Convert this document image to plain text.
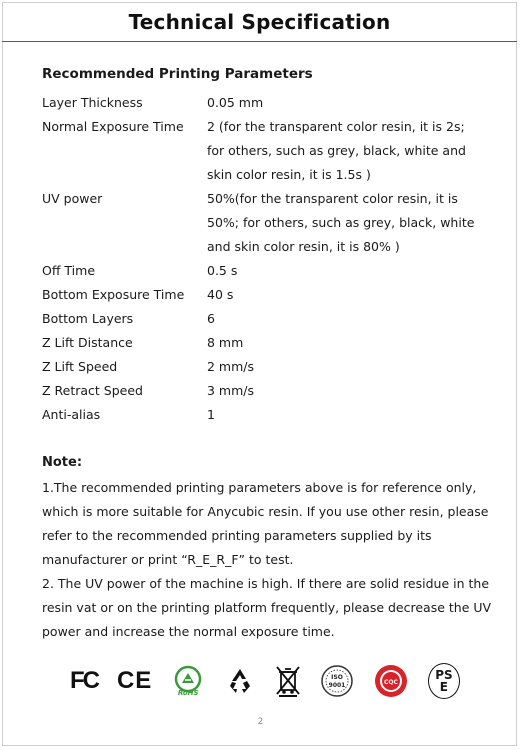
Technical Specification
Recommended Printing Parameters
Layer Thickness	0.05 mm
Normal Exposure Time	2 (for the transparent color resin, it is 2s; for others, such as grey, black, white and skin color resin, it is 1.5s )
UV power	50%(for the transparent color resin, it is 50%; for others, such as grey, black, white and skin color resin, it is 80% )
Off Time	0.5 s
Bottom Exposure Time	40 s
Bottom Layers	6
Z Lift Distance	8 mm
Z Lift Speed	2 mm/s
Z Retract Speed	3 mm/s
Anti-alias	1
Note:

1.The recommended printing parameters above is for reference only, which is more suitable for Anycubic resin. If you use other resin, please refer to the recommended printing parameters supplied by its manufacturer or print “R_E_R_F” to test.

2. The UV power of the machine is high. If there are solid residue in the resin vat or on the printing platform frequently, please decrease the UV power and increase the normal exposure time.

FC CE	RoHS
ISO
9001	CQC
PS
E
2
